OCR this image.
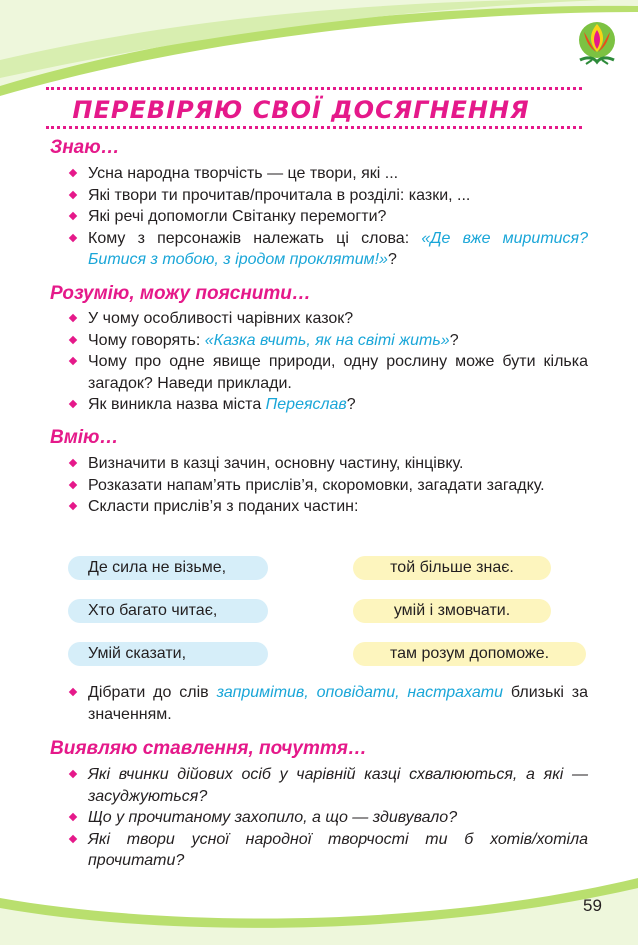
ПЕРЕВІРЯЮ СВОЇ ДОСЯГНЕННЯ
Знаю…
Усна народна творчість — це твори, які ...
Які твори ти прочитав/прочитала в розділі: казки, ...
Які речі допомогли Світанку перемогти?
Кому з персонажів належать ці слова: «Де вже миритися? Битися з тобою, з іродом проклятим!»?
Розумію, можу пояснити…
У чому особливості чарівних казок?
Чому говорять: «Казка вчить, як на світі жить»?
Чому про одне явище природи, одну рослину може бути кілька загадок? Наведи приклади.
Як виникла назва міста Переяслав?
Вмію…
Визначити в казці зачин, основну частину, кінцівку.
Розказати напам’ять прислів’я, скоромовки, загадати загадку.
Скласти прислів’я з поданих частин:
Де сила не візьме,
Хто багато читає,
Умій сказати,
той більше знає.
умій і змовчати.
там розум допоможе.
Дібрати до слів запримітив, оповідати, настрахати близькі за значенням.
Виявляю ставлення, почуття…
Які вчинки дійових осіб у чарівній казці схвалюються, а які — засуджуються?
Що у прочитаному захопило, а що — здивувало?
Які твори усної народної творчості ти б хотів/хотіла прочитати?
59
